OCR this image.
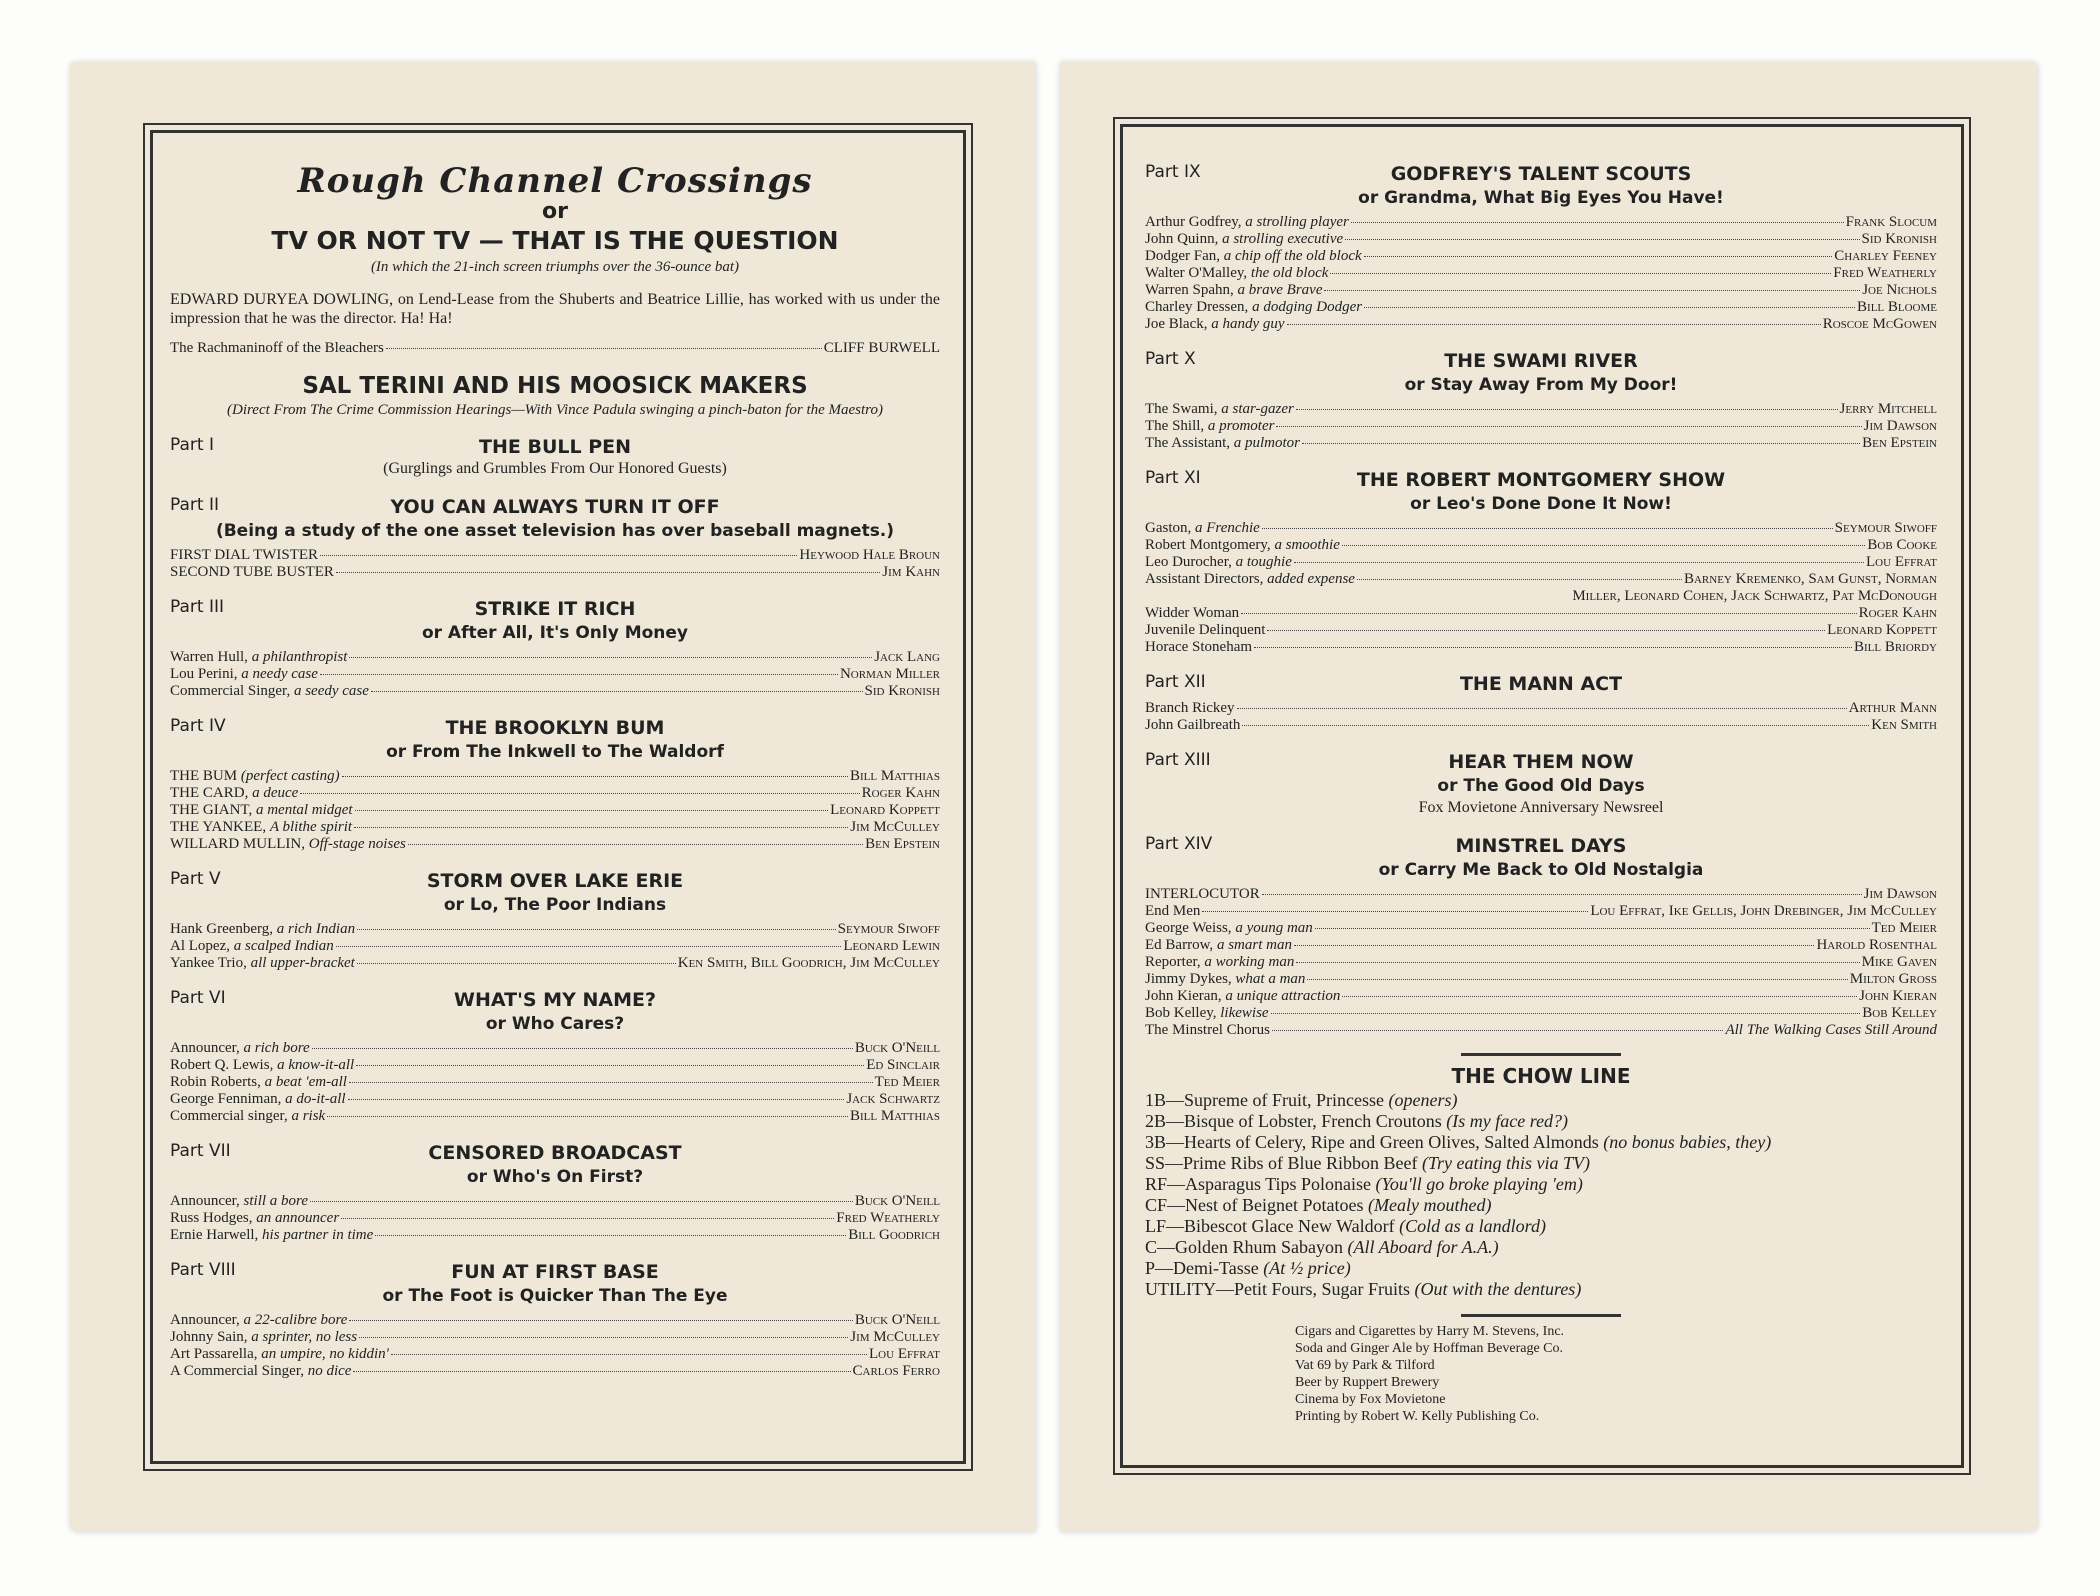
Rough Channel Crossings
or
TV OR NOT TV — THAT IS THE QUESTION
(In which the 21-inch screen triumphs over the 36-ounce bat)
EDWARD DURYEA DOWLING, on Lend-Lease from the Shuberts and Beatrice Lillie, has worked with us under the impression that he was the director. Ha! Ha!
The Rachmaninoff of the Bleachers	CLIFF BURWELL
SAL TERINI AND HIS MOOSICK MAKERS
(Direct From The Crime Commission Hearings—With Vince Padula swinging a pinch-baton for the Maestro)
Part I	THE BULL PEN
(Gurglings and Grumbles From Our Honored Guests)
Part II	YOU CAN ALWAYS TURN IT OFF
(Being a study of the one asset television has over baseball magnets.)
FIRST DIAL TWISTER	Heywood Hale Broun
SECOND TUBE BUSTER	Jim Kahn
Part III	STRIKE IT RICH
or After All, It's Only Money
Warren Hull, a philanthropist	Jack Lang
Lou Perini, a needy case	Norman Miller
Commercial Singer, a seedy case	Sid Kronish
Part IV	THE BROOKLYN BUM
or From The Inkwell to The Waldorf
THE BUM (perfect casting)	Bill Matthias
THE CARD, a deuce	Roger Kahn
THE GIANT, a mental midget	Leonard Koppett
THE YANKEE, A blithe spirit	Jim McCulley
WILLARD MULLIN, Off-stage noises	Ben Epstein
Part V	STORM OVER LAKE ERIE
or Lo, The Poor Indians
Hank Greenberg, a rich Indian	Seymour Siwoff
Al Lopez, a scalped Indian	Leonard Lewin
Yankee Trio, all upper-bracket	Ken Smith, Bill Goodrich, Jim McCulley
Part VI	WHAT'S MY NAME?
or Who Cares?
Announcer, a rich bore	Buck O'Neill
Robert Q. Lewis, a know-it-all	Ed Sinclair
Robin Roberts, a beat 'em-all	Ted Meier
George Fenniman, a do-it-all	Jack Schwartz
Commercial singer, a risk	Bill Matthias
Part VII	CENSORED BROADCAST
or Who's On First?
Announcer, still a bore	Buck O'Neill
Russ Hodges, an announcer	Fred Weatherly
Ernie Harwell, his partner in time	Bill Goodrich
Part VIII	FUN AT FIRST BASE
or The Foot is Quicker Than The Eye
Announcer, a 22-calibre bore	Buck O'Neill
Johnny Sain, a sprinter, no less	Jim McCulley
Art Passarella, an umpire, no kiddin'	Lou Effrat
A Commercial Singer, no dice	Carlos Ferro
Part IX	GODFREY'S TALENT SCOUTS
or Grandma, What Big Eyes You Have!
Arthur Godfrey, a strolling player	Frank Slocum
John Quinn, a strolling executive	Sid Kronish
Dodger Fan, a chip off the old block	Charley Feeney
Walter O'Malley, the old block	Fred Weatherly
Warren Spahn, a brave Brave	Joe Nichols
Charley Dressen, a dodging Dodger	Bill Bloome
Joe Black, a handy guy	Roscoe McGowen
Part X	THE SWAMI RIVER
or Stay Away From My Door!
The Swami, a star-gazer	Jerry Mitchell
The Shill, a promoter	Jim Dawson
The Assistant, a pulmotor	Ben Epstein
Part XI	THE ROBERT MONTGOMERY SHOW
or Leo's Done Done It Now!
Gaston, a Frenchie	Seymour Siwoff
Robert Montgomery, a smoothie	Bob Cooke
Leo Durocher, a toughie	Lou Effrat
Assistant Directors, added expense	Barney Kremenko, Sam Gunst, Norman
Miller, Leonard Cohen, Jack Schwartz, Pat McDonough
Widder Woman	Roger Kahn
Juvenile Delinquent	Leonard Koppett
Horace Stoneham	Bill Briordy
Part XII	THE MANN ACT
Branch Rickey	Arthur Mann
John Gailbreath	Ken Smith
Part XIII	HEAR THEM NOW
or The Good Old Days
Fox Movietone Anniversary Newsreel
Part XIV	MINSTREL DAYS
or Carry Me Back to Old Nostalgia
INTERLOCUTOR	Jim Dawson
End Men	Lou Effrat, Ike Gellis, John Drebinger, Jim McCulley
George Weiss, a young man	Ted Meier
Ed Barrow, a smart man	Harold Rosenthal
Reporter, a working man	Mike Gaven
Jimmy Dykes, what a man	Milton Gross
John Kieran, a unique attraction	John Kieran
Bob Kelley, likewise	Bob Kelley
The Minstrel Chorus	All The Walking Cases Still Around
THE CHOW LINE
1B—Supreme of Fruit, Princesse (openers)
2B—Bisque of Lobster, French Croutons (Is my face red?)
3B—Hearts of Celery, Ripe and Green Olives, Salted Almonds (no bonus babies, they)
SS—Prime Ribs of Blue Ribbon Beef (Try eating this via TV)
RF—Asparagus Tips Polonaise (You'll go broke playing 'em)
CF—Nest of Beignet Potatoes (Mealy mouthed)
LF—Bibescot Glace New Waldorf (Cold as a landlord)
C—Golden Rhum Sabayon (All Aboard for A.A.)
P—Demi-Tasse (At ½ price)
UTILITY—Petit Fours, Sugar Fruits (Out with the dentures)
Cigars and Cigarettes by Harry M. Stevens, Inc.
Soda and Ginger Ale by Hoffman Beverage Co.
Vat 69 by Park & Tilford
Beer by Ruppert Brewery
Cinema by Fox Movietone
Printing by Robert W. Kelly Publishing Co.
